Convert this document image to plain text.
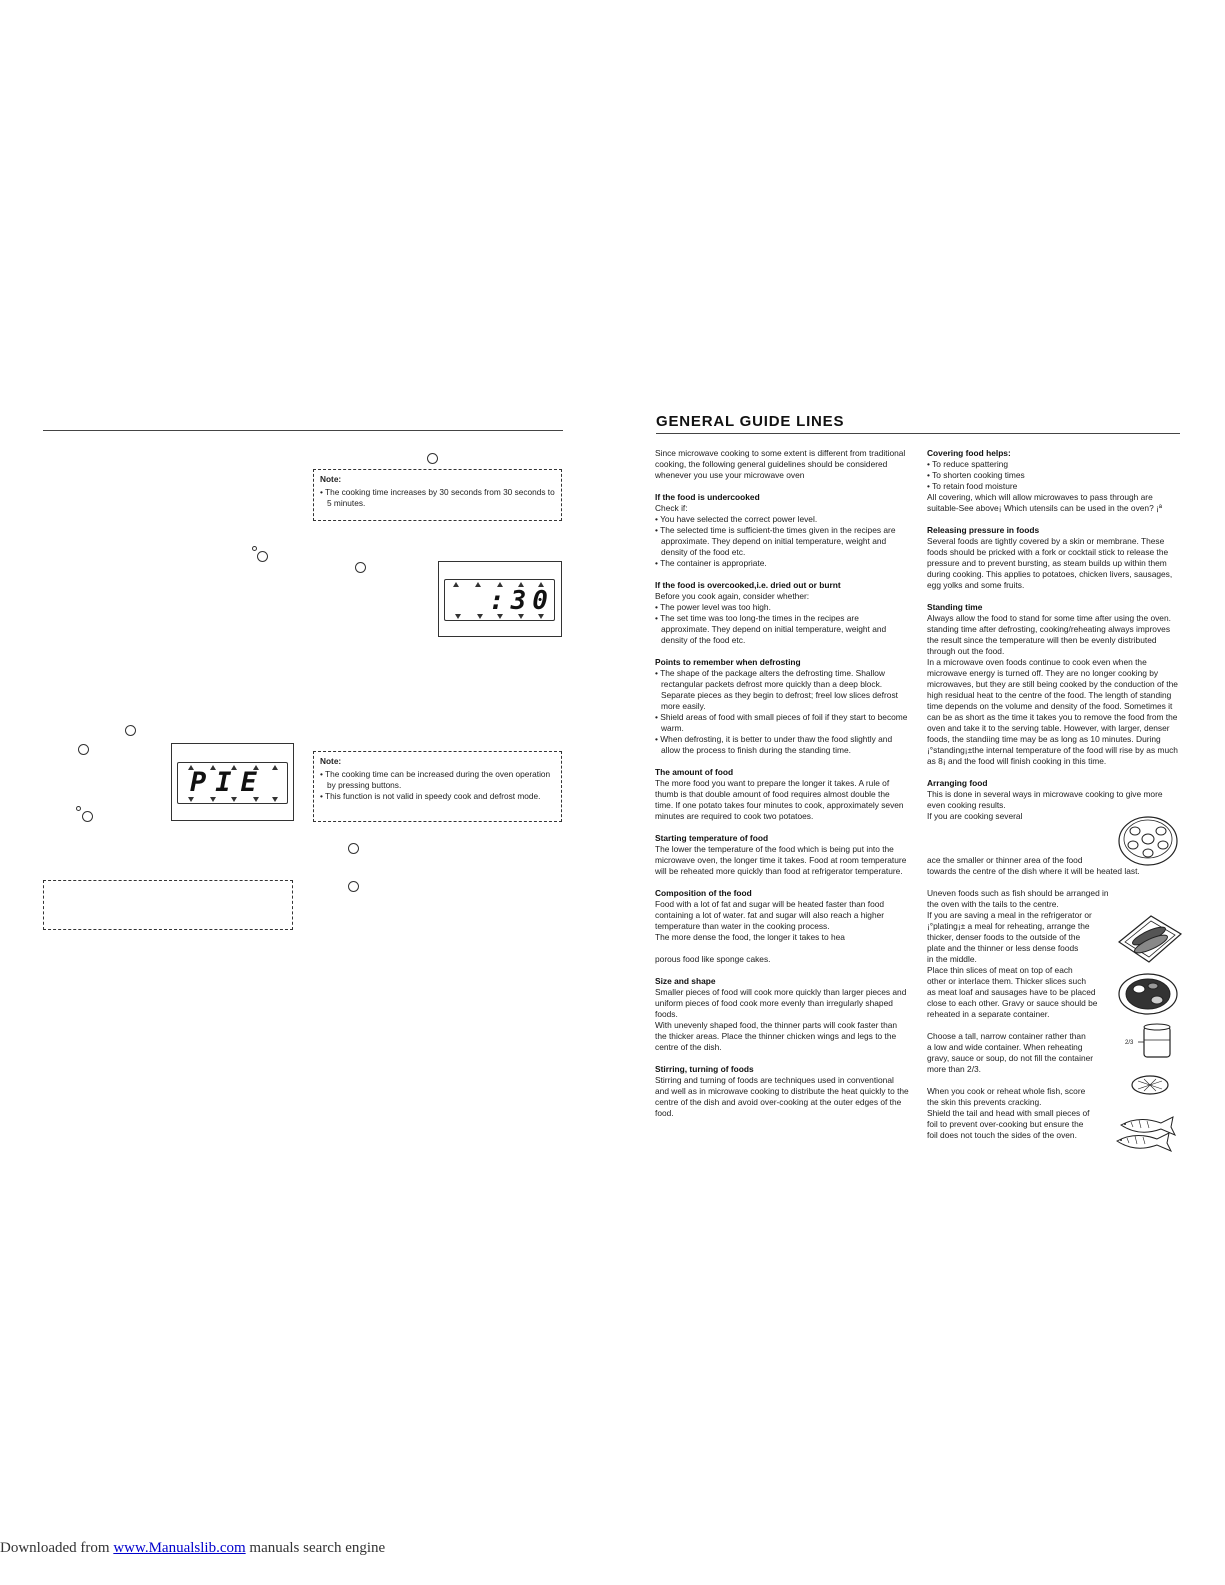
Note:
• The cooking time increases by 30 seconds from 30 seconds to 5 minutes.
:30
PIE
Note:
• The cooking time can be increased during the oven operation by pressing buttons.
• This function is not valid in speedy cook and defrost mode.
GENERAL GUIDE LINES
Since microwave cooking to some extent is different from traditional cooking, the following general guidelines should be considered whenever you use your microwave oven
If the food is undercooked
Check if:
• You have selected the correct power level.
• The selected time is sufficient-the times given in the recipes are approximate. They depend on initial temperature, weight and density of the food etc.
• The container is appropriate.
If the food is overcooked,i.e. dried out or burnt
Before you cook again, consider whether:
• The power level was too high.
• The set time was too long-the times in the recipes are approximate. They depend on initial temperature, weight and density of the food etc.
Points to remember when defrosting
• The shape of the package alters the defrosting time. Shallow rectangular packets defrost more quickly than a deep block. Separate pieces as they begin to defrost; freel low slices defrost more easily.
• Shield areas of food with small pieces of foil if they start to become warm.
• When defrosting, it is better to under thaw the food slightly and allow the process to finish during the standing time.
The amount of food
The more food you want to prepare the longer it takes. A rule of thumb is that double amount of food requires almost double the time. If one potato takes four minutes to cook, approximately seven minutes are required to cook two potatoes.
Starting temperature of food
The lower the temperature of the food which is being put into the microwave oven, the longer time it takes. Food at room temperature will be reheated more quickly than food at refrigerator temperature.
Composition of the food
Food with a lot of fat and sugar will be heated faster than food containing a lot of water. fat and sugar will also reach a higher temperature than water in the cooking process.
The more dense the food, the longer it takes to hea
porous food like sponge cakes.
Size and shape
Smaller pieces of food will cook more quickly than larger pieces and uniform pieces of food cook more evenly than irregularly shaped foods.
With unevenly shaped food, the thinner parts will cook faster than the thicker areas. Place the thinner chicken wings and legs to the centre of the dish.
Stirring, turning of foods
Stirring and turning of foods are techniques used in conventional and well as in microwave cooking to distribute the heat quickly to the centre of the dish and avoid over-cooking at the outer edges of the food.
Covering food helps:
• To reduce spattering
• To shorten cooking times
• To retain food moisture
All covering, which will allow microwaves to pass through are suitable-See above¡ Which utensils can be used in the oven? ¡ª
Releasing pressure in foods
Several foods are tightly covered by a skin or membrane. These foods should be pricked with a fork or cocktail stick to release the pressure and to prevent bursting, as steam builds up within them during cooking. This applies to potatoes, chicken livers, sausages, egg yolks and some fruits.
Standing time
Always allow the food to stand for some time after using the oven. standing time after defrosting, cooking/reheating always improves the result since the temperature will then be evenly distributed through out the food.
In a microwave oven foods continue to cook even when the microwave energy is turned off. They are no longer cooking by microwaves, but they are still being cooked by the conduction of the high residual heat to the centre of the food. The length of standing time depends on the volume and density of the food. Sometimes it can be as short as the time it takes you to remove the food from the oven and take it to the serving table. However, with larger, denser foods, the standiing time may be as long as 10 minutes. During
¡°standing¡±the internal temperature of the food will rise by as much as 8¡ and the food will finish cooking in this time.
Arranging food
This is done in several ways in microwave cooking to give more even cooking results.
If you are cooking several
ace the smaller or thinner area of the food
towards the centre of the dish where it will be heated last.
Uneven foods such as fish should be arranged in
the oven with the tails to the centre.
If you are saving a meal in the refrigerator or
¡°plating¡± a meal for reheating, arrange the
thicker, denser foods to the outside of the
plate and the thinner or less dense foods
in the middle.
Place thin slices of meat on top of each
other or interlace them. Thicker slices such
as meat loaf and sausages have to be placed
close to each other. Gravy or sauce should be
reheated in a separate container.
Choose a tall, narrow container rather than
a low and wide container. When reheating
gravy, sauce or soup, do not fill the container
more than 2/3.
When you cook or reheat whole fish, score
the skin this prevents cracking.
Shield the tail and head with small pieces of
foil to prevent over-cooking but ensure the
foil does not touch the sides of the oven.
2/3
Downloaded from www.Manualslib.com manuals search engine
